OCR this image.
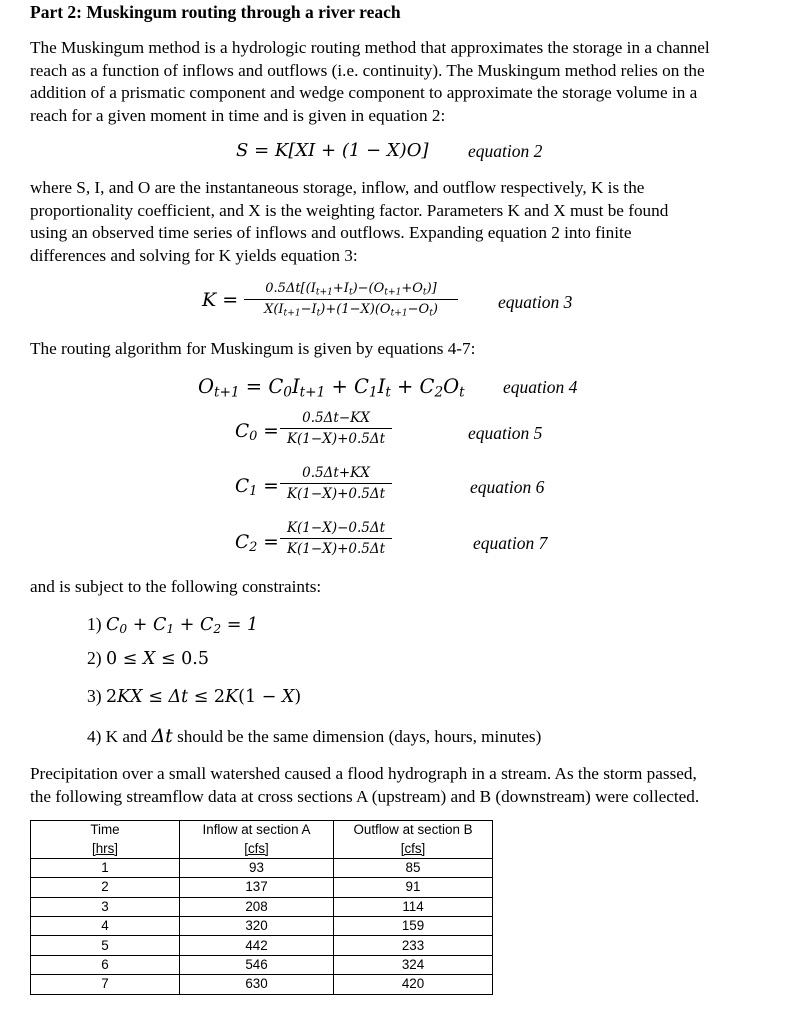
Part 2: Muskingum routing through a river reach

The Muskingum method is a hydrologic routing method that approximates the storage in a channel
reach as a function of inflows and outflows (i.e. continuity). The Muskingum method relies on the
addition of a prismatic component and wedge component to approximate the storage volume in a
reach for a given moment in time and is given in equation 2:

S = K[XI + (1 − X)O] equation 2

where S, I, and O are the instantaneous storage, inflow, and outflow respectively, K is the
proportionality coefficient, and X is the weighting factor. Parameters K and X must be found
using an observed time series of inflows and outflows. Expanding equation 2 into finite
differences and solving for K yields equation 3:

K =
$0.5\Delta t[(I_{t+1}+I_t)-(O_{t+1}+O_t)]$
$X(I_{t+1}-I_t)+(1-X)(O_{t+1}-O_t)$	equation 3

The routing algorithm for Muskingum is given by equations 4-7:

$O_{t+1} = C_0I_{t+1} + C_1I_t + C_2O_t$ equation 4
$C_0$ =
0.5Δt−KX
K(1−X)+0.5Δt	equation 5
$C_1$ =
0.5Δt+KX
K(1−X)+0.5Δt	equation 6
$C_2$ =
K(1−X)−0.5Δt
K(1−X)+0.5Δt	equation 7

and is subject to the following constraints:

1) $C_0 + C_1 + C_2 = 1$
2) 0 ≤ X ≤ 0.5
3) 2KX ≤ Δt ≤ 2K(1 − X)
4) K and Δt should be the same dimension (days, hours, minutes)

Precipitation over a small watershed caused a flood hydrograph in a stream. As the storm passed,
the following streamflow data at cross sections A (upstream) and B (downstream) were collected.

Time	Inflow at section A	Outflow at section B
[hrs]	[cfs]	[cfs]
1	93	85
2	137	91
3	208	114
4	320	159
5	442	233
6	546	324
7	630	420
